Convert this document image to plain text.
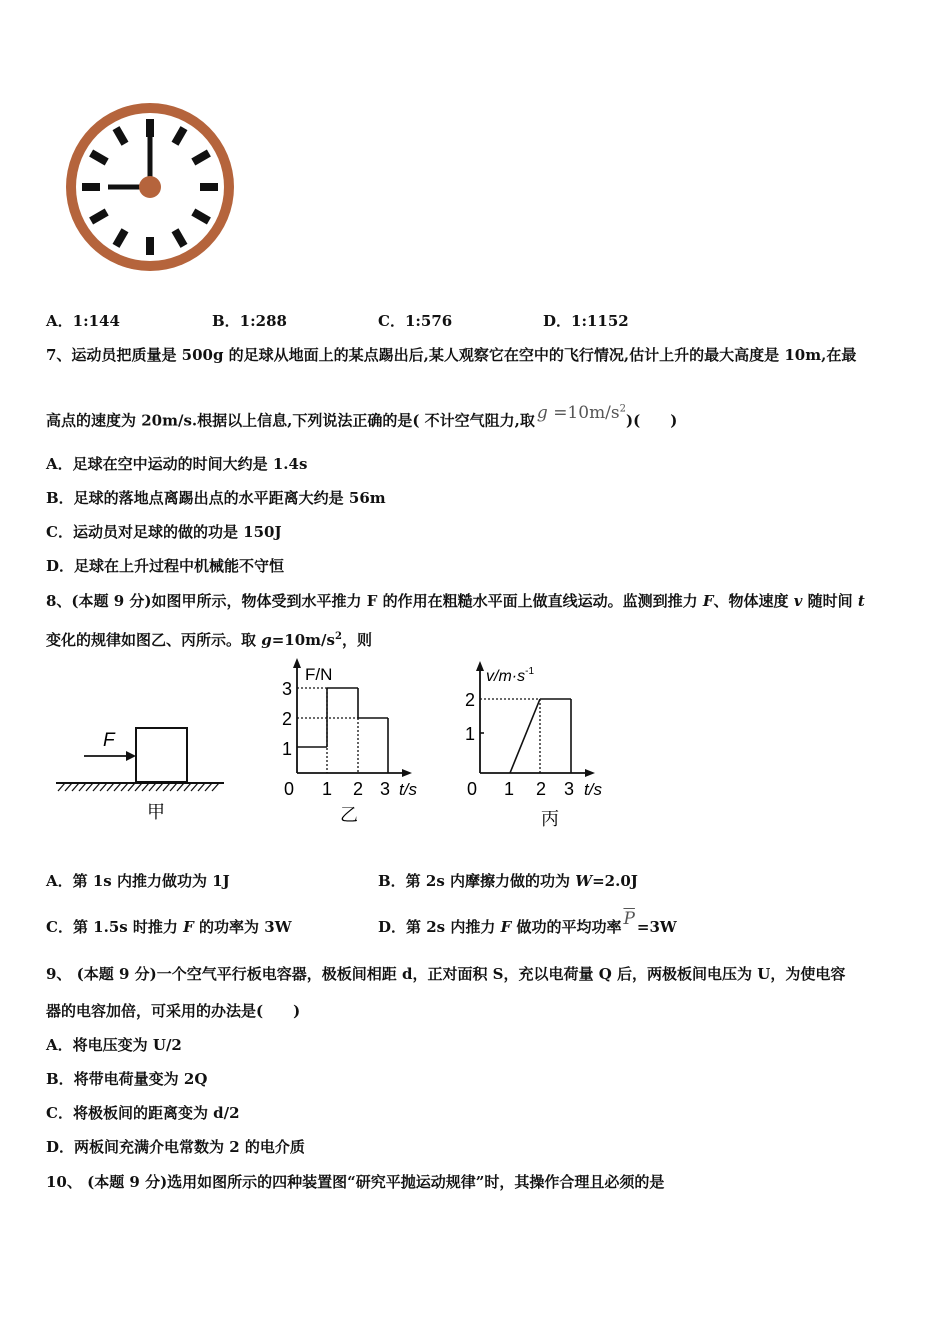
A．1:144	B．1:288	C．1:576	D．1:1152
7、运动员把质量是 500g 的足球从地面上的某点踢出后,某人观察它在空中的飞行情况,估计上升的最大高度是 10m,在最
高点的速度为 20m/s.根据以上信息,下列说法正确的是( 不计空气阻力,取 $g =10m/s^2$)(　　)
A．足球在空中运动的时间大约是 1.4s
B．足球的落地点离踢出点的水平距离大约是 56m
C．运动员对足球的做的功是 150J
D．足球在上升过程中机械能不守恒
8、(本题 9 分)如图甲所示，物体受到水平推力 F 的作用在粗糙水平面上做直线运动。监测到推力 F、物体速度 v 随时间 t
变化的规律如图乙、丙所示。取 $g=10m/s^2$，则
F
甲
F/N
3
2
1
0 1 2 3 t/s
乙
$v/m\cdot s^{-1}$
2
1
0 1 2 3 t/s
丙
A．第 1s 内推力做功为 1J	B．第 2s 内摩擦力做的功为 W=2.0J
C．第 1.5s 时推力 F 的功率为 3W	D．第 2s 内推力 F 做功的平均功率 $\overline{P} =3W$
9、 (本题 9 分)一个空气平行板电容器，极板间相距 d，正对面积 S，充以电荷量 Q 后，两极板间电压为 U，为使电容
器的电容加倍，可采用的办法是(　　)
A．将电压变为 U/2
B．将带电荷量变为 2Q
C．将极板间的距离变为 d/2
D．两板间充满介电常数为 2 的电介质
10、 (本题 9 分)选用如图所示的四种装置图“研究平抛运动规律”时，其操作合理且必须的是
